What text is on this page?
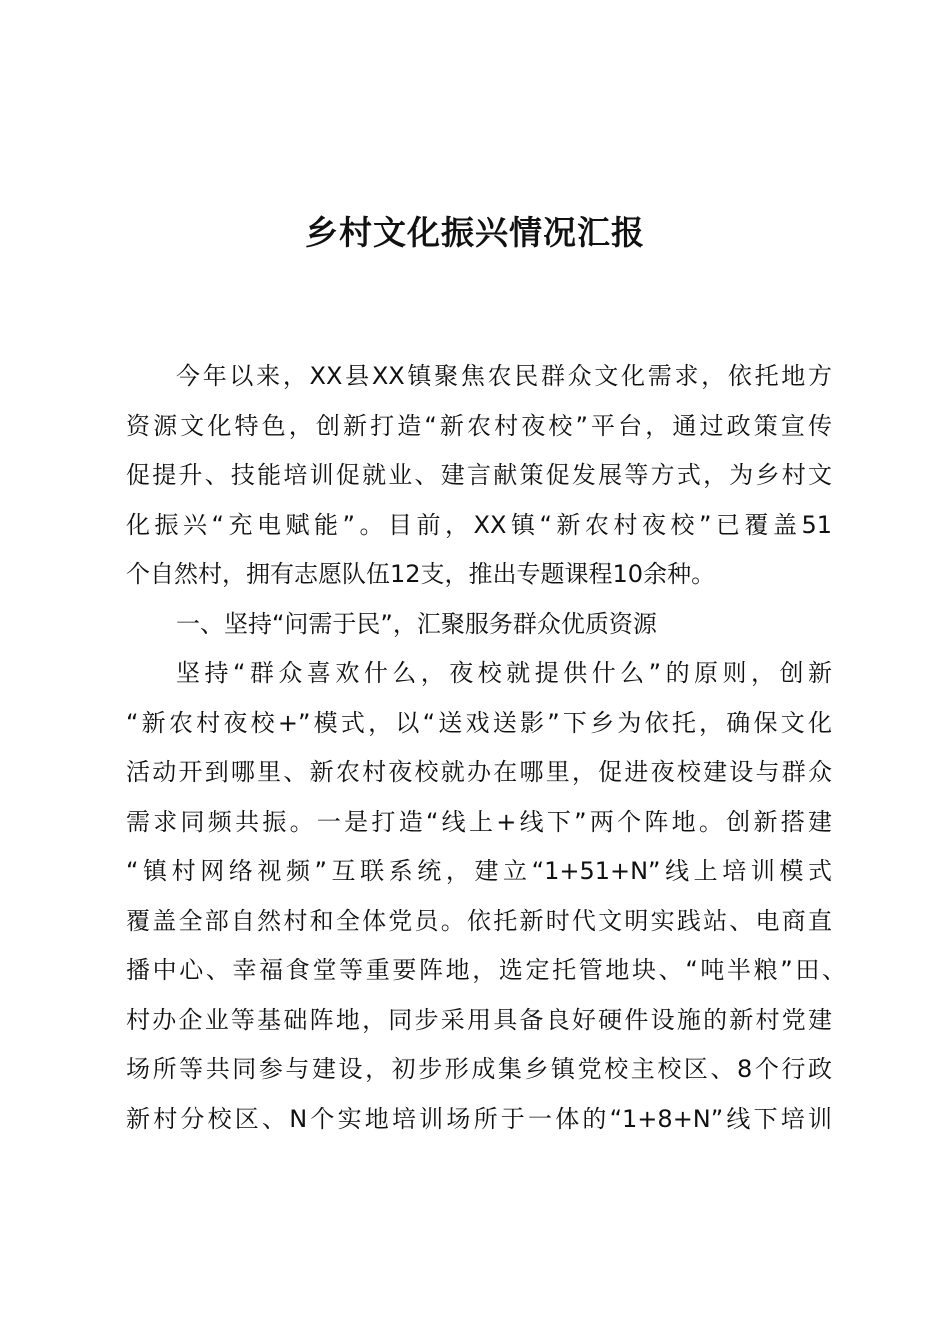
乡村文化振兴情况汇报
今年以来，XX县XX镇聚焦农民群众文化需求，依托地方
资源文化特色，创新打造“新农村夜校”平台，通过政策宣传
促提升、技能培训促就业、建言献策促发展等方式，为乡村文
化振兴“充电赋能”。目前，XX镇“新农村夜校”已覆盖51
个自然村，拥有志愿队伍12支，推出专题课程10余种。
一、坚持“问需于民”，汇聚服务群众优质资源
坚持“群众喜欢什么，夜校就提供什么”的原则，创新
“新农村夜校+”模式，以“送戏送影”下乡为依托，确保文化
活动开到哪里、新农村夜校就办在哪里，促进夜校建设与群众
需求同频共振。一是打造“线上+线下”两个阵地。创新搭建
“镇村网络视频”互联系统，建立“1+51+N”线上培训模式
覆盖全部自然村和全体党员。依托新时代文明实践站、电商直
播中心、幸福食堂等重要阵地，选定托管地块、“吨半粮”田、
村办企业等基础阵地，同步采用具备良好硬件设施的新村党建
场所等共同参与建设，初步形成集乡镇党校主校区、8个行政
新村分校区、N个实地培训场所于一体的“1+8+N”线下培训
